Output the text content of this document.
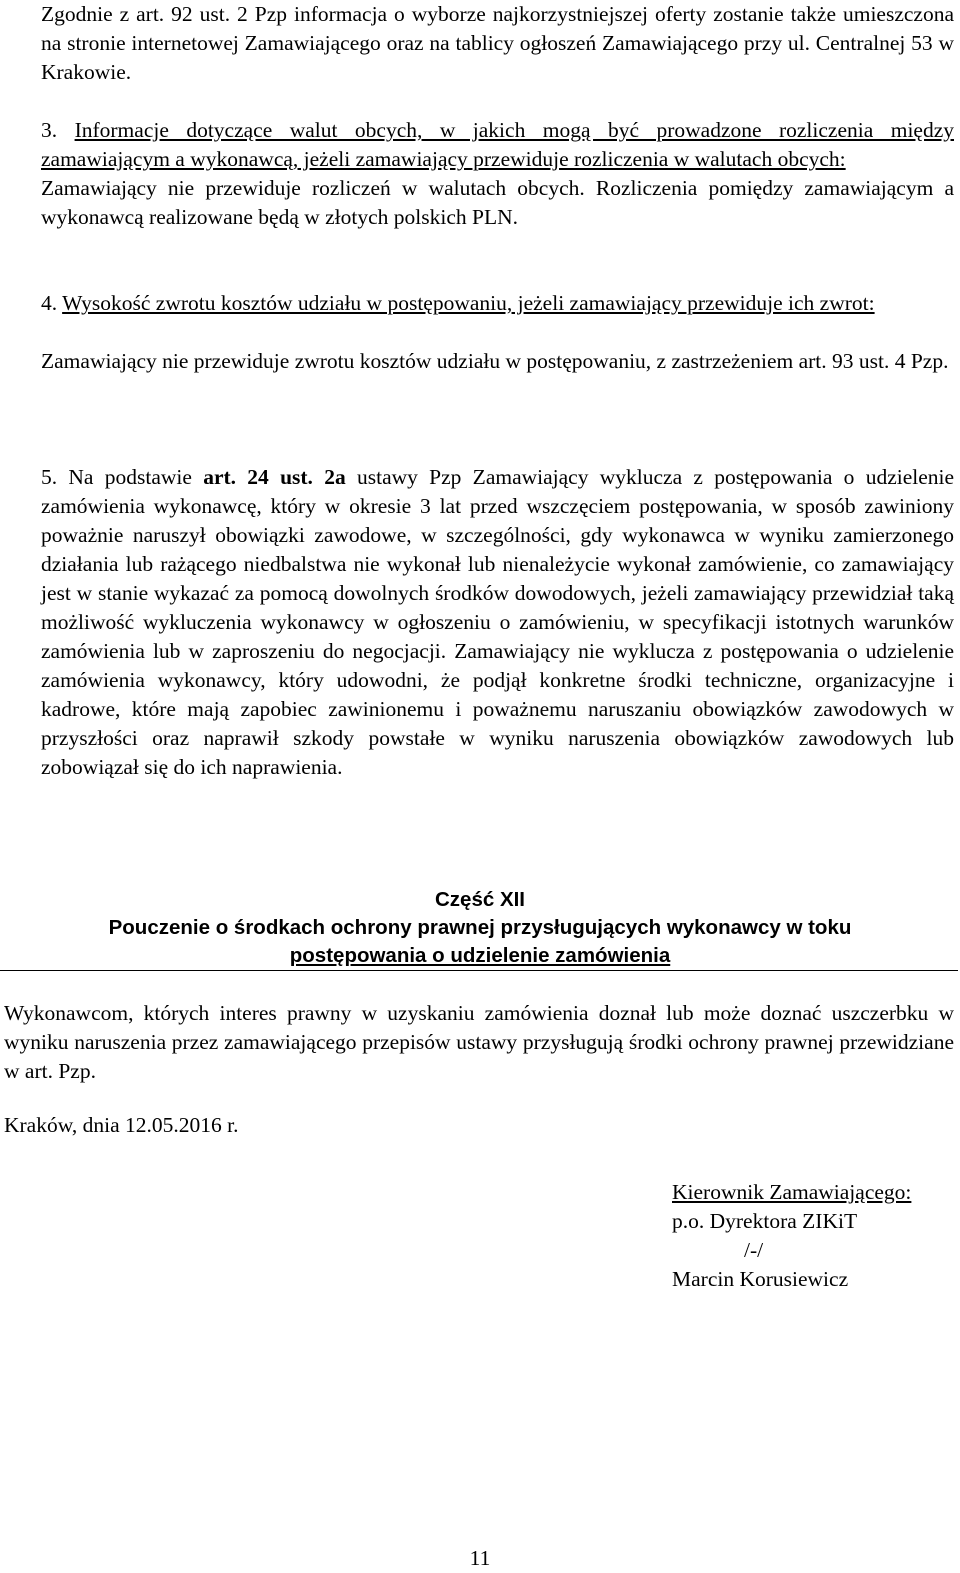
Zgodnie z art. 92 ust. 2 Pzp informacja o wyborze najkorzystniejszej oferty zostanie także umieszczona na stronie internetowej Zamawiającego oraz na tablicy ogłoszeń Zamawiającego przy ul. Centralnej 53 w Krakowie.

3. Informacje dotyczące walut obcych, w jakich mogą być prowadzone rozliczenia między zamawiającym a wykonawcą, jeżeli zamawiający przewiduje rozliczenia w walutach obcych:

Zamawiający nie przewiduje rozliczeń w walutach obcych. Rozliczenia pomiędzy zamawiającym a wykonawcą realizowane będą w złotych polskich PLN.

4. Wysokość zwrotu kosztów udziału w postępowaniu, jeżeli zamawiający przewiduje ich zwrot:

Zamawiający nie przewiduje zwrotu kosztów udziału w postępowaniu, z zastrzeżeniem art. 93 ust. 4 Pzp.

5. Na podstawie art. 24 ust. 2a ustawy Pzp Zamawiający wyklucza z postępowania o udzielenie zamówienia wykonawcę, który w okresie 3 lat przed wszczęciem postępowania, w sposób zawiniony poważnie naruszył obowiązki zawodowe, w szczególności, gdy wykonawca w wyniku zamierzonego działania lub rażącego niedbalstwa nie wykonał lub nienależycie wykonał zamówienie, co zamawiający jest w stanie wykazać za pomocą dowolnych środków dowodowych, jeżeli zamawiający przewidział taką możliwość wykluczenia wykonawcy w ogłoszeniu o zamówieniu, w specyfikacji istotnych warunków zamówienia lub w zaproszeniu do negocjacji. Zamawiający nie wyklucza z postępowania o udzielenie zamówienia wykonawcy, który udowodni, że podjął konkretne środki techniczne, organizacyjne i kadrowe, które mają zapobiec zawinionemu i poważnemu naruszaniu obowiązków zawodowych w przyszłości oraz naprawił szkody powstałe w wyniku naruszenia obowiązków zawodowych lub zobowiązał się do ich naprawienia.

Część XII
Pouczenie o środkach ochrony prawnej przysługujących wykonawcy w toku
postępowania o udzielenie zamówienia

Wykonawcom, których interes prawny w uzyskaniu zamówienia doznał lub może doznać uszczerbku w wyniku naruszenia przez zamawiającego przepisów ustawy przysługują środki ochrony prawnej przewidziane w art. Pzp.

Kraków, dnia 12.05.2016 r.

Kierownik Zamawiającego:
p.o. Dyrektora ZIKiT
/-/
Marcin Korusiewicz
11
